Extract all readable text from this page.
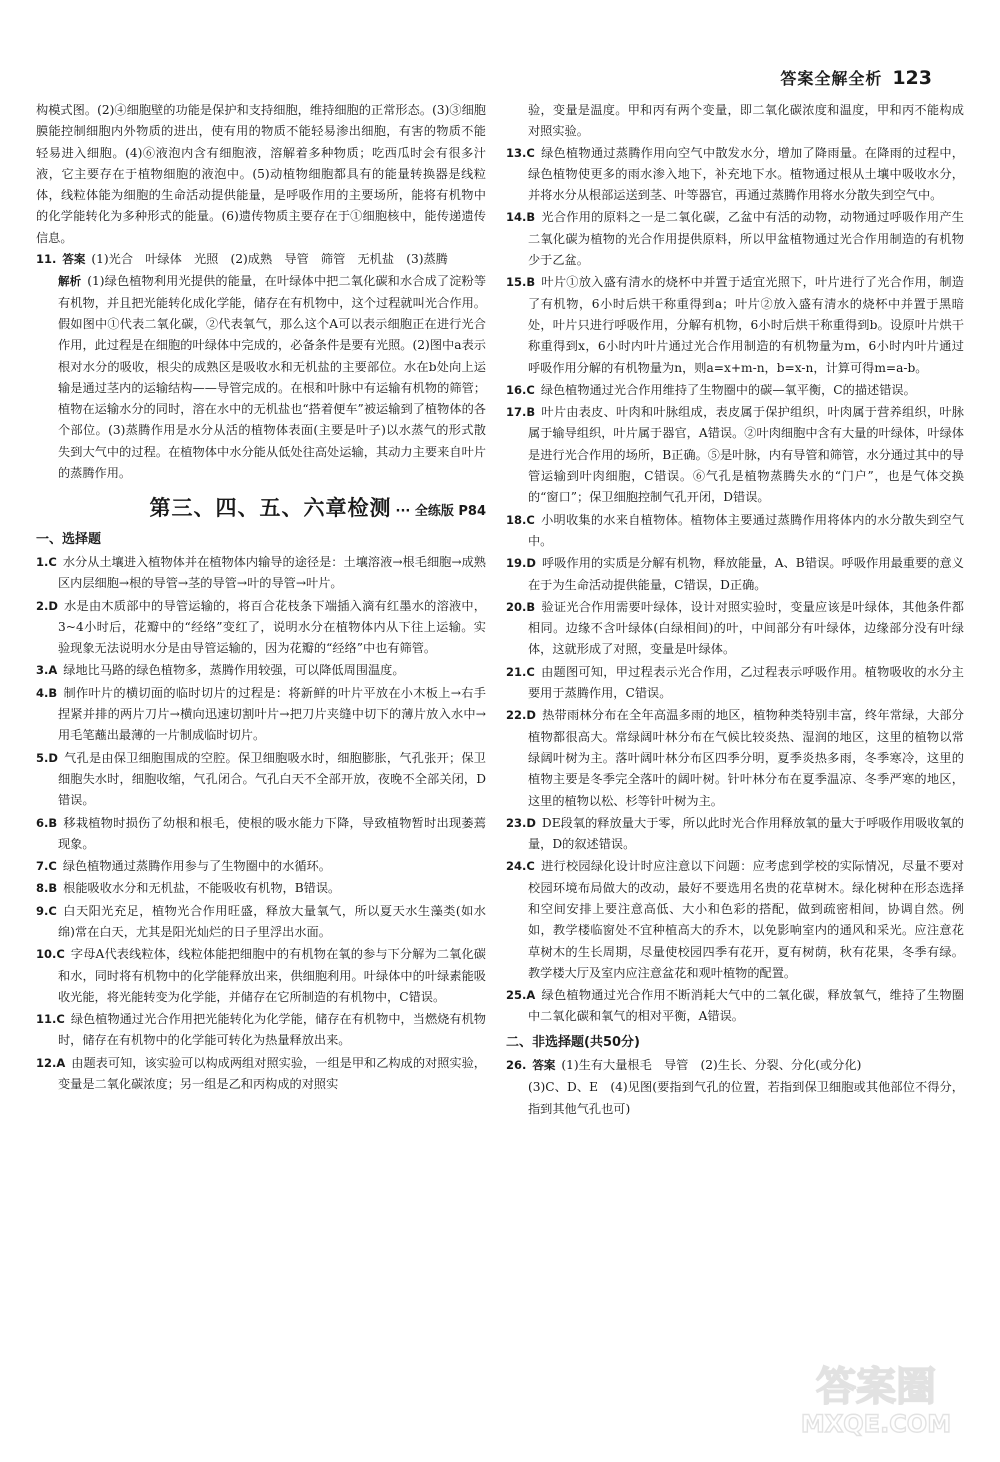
答案全解全析 123

构模式图。(2)④细胞壁的功能是保护和支持细胞，维持细胞的正常形态。(3)③细胞膜能控制细胞内外物质的进出，使有用的物质不能轻易渗出细胞，有害的物质不能轻易进入细胞。(4)⑥液泡内含有细胞液，溶解着多种物质；吃西瓜时会有很多汁液，它主要存在于植物细胞的液泡中。(5)动植物细胞都具有的能量转换器是线粒体，线粒体能为细胞的生命活动提供能量，是呼吸作用的主要场所，能将有机物中的化学能转化为多种形式的能量。(6)遗传物质主要存在于①细胞核中，能传递遗传信息。

11. 答案 (1)光合　叶绿体　光照　(2)成熟　导管　筛管　无机盐　(3)蒸腾

解析 (1)绿色植物利用光提供的能量，在叶绿体中把二氧化碳和水合成了淀粉等有机物，并且把光能转化成化学能，储存在有机物中，这个过程就叫光合作用。假如图中①代表二氧化碳，②代表氧气，那么这个A可以表示细胞正在进行光合作用，此过程是在细胞的叶绿体中完成的，必备条件是要有光照。(2)图中a表示根对水分的吸收，根尖的成熟区是吸收水和无机盐的主要部位。水在b处向上运输是通过茎内的运输结构——导管完成的。在根和叶脉中有运输有机物的筛管；植物在运输水分的同时，溶在水中的无机盐也“搭着便车”被运输到了植物体的各个部位。(3)蒸腾作用是水分从活的植物体表面(主要是叶子)以水蒸气的形式散失到大气中的过程。在植物体中水分能从低处往高处运输，其动力主要来自叶片的蒸腾作用。

第三、四、五、六章检测 ··· 全练版 P84
一、选择题

1.C 水分从土壤进入植物体并在植物体内输导的途径是：土壤溶液→根毛细胞→成熟区内层细胞→根的导管→茎的导管→叶的导管→叶片。

2.D 水是由木质部中的导管运输的，将百合花枝条下端插入滴有红墨水的溶液中，3~4小时后，花瓣中的“经络”变红了，说明水分在植物体内从下往上运输。实验现象无法说明水分是由导管运输的，因为花瓣的“经络”中也有筛管。

3.A 绿地比马路的绿色植物多，蒸腾作用较强，可以降低周围温度。

4.B 制作叶片的横切面的临时切片的过程是：将新鲜的叶片平放在小木板上→右手捏紧并排的两片刀片→横向迅速切割叶片→把刀片夹缝中切下的薄片放入水中→用毛笔蘸出最薄的一片制成临时切片。

5.D 气孔是由保卫细胞围成的空腔。保卫细胞吸水时，细胞膨胀，气孔张开；保卫细胞失水时，细胞收缩，气孔闭合。气孔白天不全部开放，夜晚不全部关闭，D错误。

6.B 移栽植物时损伤了幼根和根毛，使根的吸水能力下降，导致植物暂时出现萎蔫现象。

7.C 绿色植物通过蒸腾作用参与了生物圈中的水循环。

8.B 根能吸收水分和无机盐，不能吸收有机物，B错误。

9.C 白天阳光充足，植物光合作用旺盛，释放大量氧气，所以夏天水生藻类(如水绵)常在白天，尤其是阳光灿烂的日子里浮出水面。

10.C 字母A代表线粒体，线粒体能把细胞中的有机物在氧的参与下分解为二氧化碳和水，同时将有机物中的化学能释放出来，供细胞利用。叶绿体中的叶绿素能吸收光能，将光能转变为化学能，并储存在它所制造的有机物中，C错误。

11.C 绿色植物通过光合作用把光能转化为化学能，储存在有机物中，当燃烧有机物时，储存在有机物中的化学能可转化为热量释放出来。

12.A 由题表可知，该实验可以构成两组对照实验，一组是甲和乙构成的对照实验，变量是二氧化碳浓度；另一组是乙和丙构成的对照实

验，变量是温度。甲和丙有两个变量，即二氧化碳浓度和温度，甲和丙不能构成对照实验。

13.C 绿色植物通过蒸腾作用向空气中散发水分，增加了降雨量。在降雨的过程中，绿色植物使更多的雨水渗入地下，补充地下水。植物通过根从土壤中吸收水分，并将水分从根部运送到茎、叶等器官，再通过蒸腾作用将水分散失到空气中。

14.B 光合作用的原料之一是二氧化碳，乙盆中有活的动物，动物通过呼吸作用产生二氧化碳为植物的光合作用提供原料，所以甲盆植物通过光合作用制造的有机物少于乙盆。

15.B 叶片①放入盛有清水的烧杯中并置于适宜光照下，叶片进行了光合作用，制造了有机物，6小时后烘干称重得到a；叶片②放入盛有清水的烧杯中并置于黑暗处，叶片只进行呼吸作用，分解有机物，6小时后烘干称重得到b。设原叶片烘干称重得到x，6小时内叶片通过光合作用制造的有机物量为m，6小时内叶片通过呼吸作用分解的有机物量为n，则a=x+m-n，b=x-n，计算可得m=a-b。

16.C 绿色植物通过光合作用维持了生物圈中的碳—氧平衡，C的描述错误。

17.B 叶片由表皮、叶肉和叶脉组成，表皮属于保护组织，叶肉属于营养组织，叶脉属于输导组织，叶片属于器官，A错误。②叶肉细胞中含有大量的叶绿体，叶绿体是进行光合作用的场所，B正确。⑤是叶脉，内有导管和筛管，水分通过其中的导管运输到叶肉细胞，C错误。⑥气孔是植物蒸腾失水的“门户”，也是气体交换的“窗口”；保卫细胞控制气孔开闭，D错误。

18.C 小明收集的水来自植物体。植物体主要通过蒸腾作用将体内的水分散失到空气中。

19.D 呼吸作用的实质是分解有机物，释放能量，A、B错误。呼吸作用最重要的意义在于为生命活动提供能量，C错误，D正确。

20.B 验证光合作用需要叶绿体，设计对照实验时，变量应该是叶绿体，其他条件都相同。边缘不含叶绿体(白绿相间)的叶，中间部分有叶绿体，边缘部分没有叶绿体，这就形成了对照，变量是叶绿体。

21.C 由题图可知，甲过程表示光合作用，乙过程表示呼吸作用。植物吸收的水分主要用于蒸腾作用，C错误。

22.D 热带雨林分布在全年高温多雨的地区，植物种类特别丰富，终年常绿，大部分植物都很高大。常绿阔叶林分布在气候比较炎热、湿润的地区，这里的植物以常绿阔叶树为主。落叶阔叶林分布区四季分明，夏季炎热多雨，冬季寒冷，这里的植物主要是冬季完全落叶的阔叶树。针叶林分布在夏季温凉、冬季严寒的地区，这里的植物以松、杉等针叶树为主。

23.D DE段氧的释放量大于零，所以此时光合作用释放氧的量大于呼吸作用吸收氧的量，D的叙述错误。

24.C 进行校园绿化设计时应注意以下问题：应考虑到学校的实际情况，尽量不要对校园环境布局做大的改动，最好不要选用名贵的花草树木。绿化树种在形态选择和空间安排上要注意高低、大小和色彩的搭配，做到疏密相间，协调自然。例如，教学楼临窗处不宜种植高大的乔木，以免影响室内的通风和采光。应注意花草树木的生长周期，尽量使校园四季有花开，夏有树荫，秋有花果，冬季有绿。教学楼大厅及室内应注意盆花和观叶植物的配置。

25.A 绿色植物通过光合作用不断消耗大气中的二氧化碳，释放氧气，维持了生物圈中二氧化碳和氧气的相对平衡，A错误。

二、非选择题(共50分)

26. 答案 (1)生有大量根毛　导管　(2)生长、分裂、分化(或分化)

(3)C、D、E　(4)见图(要指到气孔的位置，若指到保卫细胞或其他部位不得分，指到其他气孔也可)

答案圈
MXQE.COM
